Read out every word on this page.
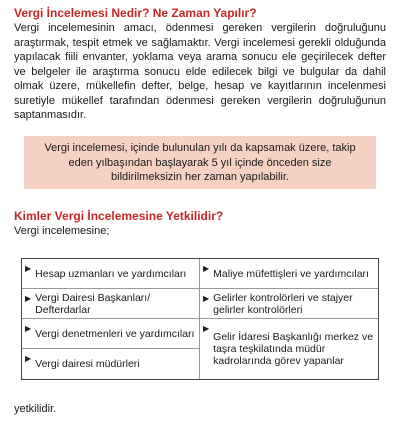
Vergi İncelemesi Nedir? Ne Zaman Yapılır?
Vergi incelemesinin amacı, ödenmesi gereken vergilerin doğruluğunu araştırmak, tespit etmek ve sağlamaktır. Vergi incelemesi gerekli olduğunda yapılacak fiili envanter, yoklama veya arama sonucu ele geçirilecek defter ve belgeler ile araştırma sonucu elde edilecek bilgi ve bulgular da dahil olmak üzere, mükellefin defter, belge, hesap ve kayıtlarının incelenmesi suretiyle mükellef tarafından ödenmesi gereken vergilerin doğruluğunun saptanmasıdır.
Vergi incelemesi, içinde bulunulan yılı da kapsamak üzere, takip eden yılbaşından başlayarak 5 yıl içinde önceden size bildirilmeksizin her zaman yapılabilir.
Kimler Vergi İncelemesine Yetkilidir?
Vergi incelemesine;
▶ Hesap uzmanları ve yardımcıları ▶ Maliye müfettişleri ve yardımcıları
▶ Vergi Dairesi Başkanları/ Defterdarlar
▶ Gelirler kontrolörleri ve stajyer gelirler kontrolörleri
▶ Vergi denetmenleri ve yardımcıları ▶
Gelir İdaresi Başkanlığı merkez ve taşra teşkilatında müdür kadrolarında görev yapanlar
▶ Vergi dairesi müdürleri
yetkilidir.
